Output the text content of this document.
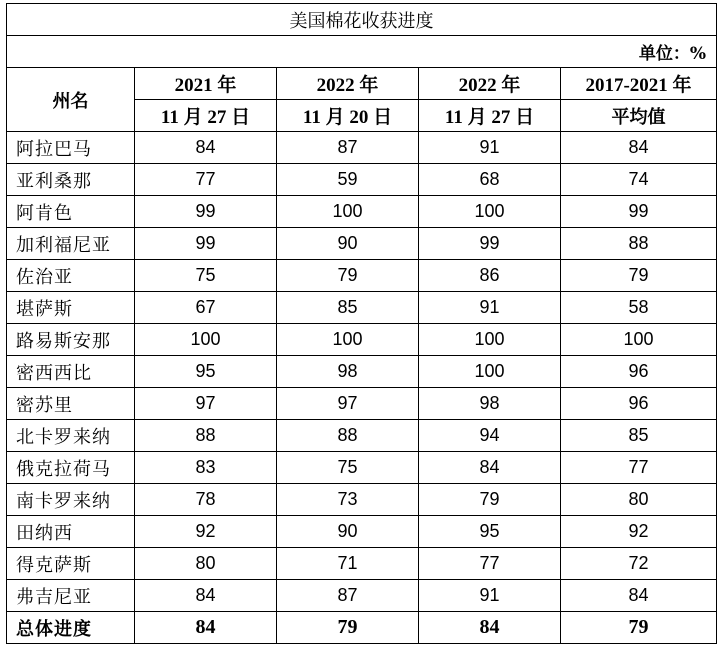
美国棉花收获进度				
单位：%				
州名	2021 年	2022 年	2022 年	2017-2021 年
	11 月 27 日	11 月 20 日	11 月 27 日	平均值
阿拉巴马	84	87	91	84
亚利桑那	77	59	68	74
阿肯色	99	100	100	99
加利福尼亚	99	90	99	88
佐治亚	75	79	86	79
堪萨斯	67	85	91	58
路易斯安那	100	100	100	100
密西西比	95	98	100	96
密苏里	97	97	98	96
北卡罗来纳	88	88	94	85
俄克拉荷马	83	75	84	77
南卡罗来纳	78	73	79	80
田纳西	92	90	95	92
得克萨斯	80	71	77	72
弗吉尼亚	84	87	91	84
总体进度	84	79	84	79
